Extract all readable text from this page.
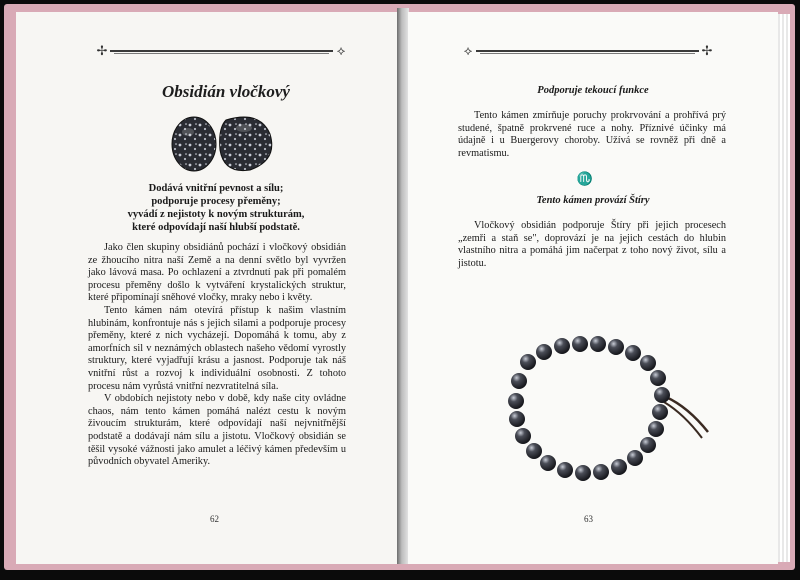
✢	⟡
Obsidián vločkový
Dodává vnitřní pevnost a sílu;
podporuje procesy přeměny;
vyvádí z nejistoty k novým strukturám,
které odpovídají naší hlubší podstatě.

Jako člen skupiny obsidiánů pochází i vločkový obsidián ze žhoucího nitra naší Země a na denní světlo byl vyvržen jako lávová masa. Po ochlazení a ztvrdnutí pak při pomalém procesu přeměny došlo k vytváření krystalických struktur, které připomínají sněhové vločky, mraky nebo i květy.

Tento kámen nám otevírá přístup k našim vlastním hlubinám, konfrontuje nás s jejich silami a podporuje procesy přeměny, které z nich vycházejí. Dopomáhá k tomu, aby z amorfních sil v neznámých oblastech našeho vědomí vyrostly struktury, které vyjadřují krásu a jasnost. Podporuje tak náš vnitřní růst a rozvoj k individuální osobnosti. Z tohoto procesu nám vyrůstá vnitřní nezvratitelná síla.

V obdobích nejistoty nebo v době, kdy naše city ovládne chaos, nám tento kámen pomáhá nalézt cestu k novým živoucím strukturám, které odpovídají naší nejvnitřnější podstatě a dodávají nám sílu a jistotu. Vločkový obsidián se těšil vysoké vážnosti jako amulet a léčivý kámen především u původních obyvatel Ameriky.

62
⟡	✢
Podporuje tekoucí funkce

Tento kámen zmírňuje poruchy prokrvování a prohřívá prý studené, špatně prokrvené ruce a nohy. Příznivé účinky má údajně i u Buergerovy choroby. Užívá se rovněž při dně a revmatismu.

♏
Tento kámen provází Štíry

Vločkový obsidián podporuje Štíry při jejich procesech „zemři a staň se", doprovází je na jejich cestách do hlubin vlastního nitra a pomáhá jim načerpat z toho nový život, sílu a jistotu.

63
